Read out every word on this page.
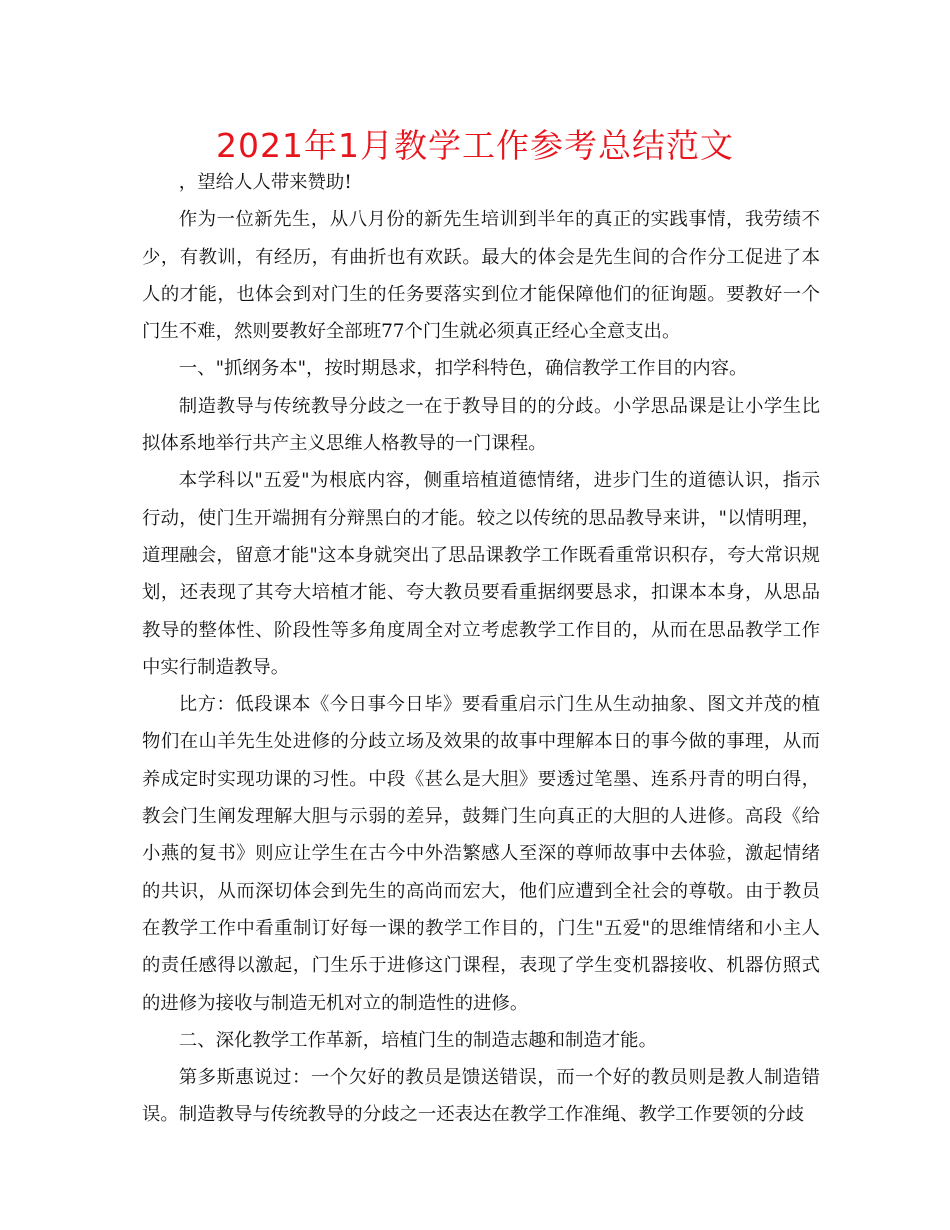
2021年1月教学工作参考总结范文

，望给人人带来赞助!

作为一位新先生，从八月份的新先生培训到半年的真正的实践事情，我劳绩不少，有教训，有经历，有曲折也有欢跃。最大的体会是先生间的合作分工促进了本人的才能，也体会到对门生的任务要落实到位才能保障他们的征询题。要教好一个门生不难，然则要教好全部班77个门生就必须真正经心全意支出。

一、"抓纲务本"，按时期恳求，扣学科特色，确信教学工作目的内容。

制造教导与传统教导分歧之一在于教导目的的分歧。小学思品课是让小学生比拟体系地举行共产主义思维人格教导的一门课程。

本学科以"五爱"为根底内容，侧重培植道德情绪，进步门生的道德认识，指示行动，使门生开端拥有分辩黑白的才能。较之以传统的思品教导来讲，"以情明理，道理融会，留意才能"这本身就突出了思品课教学工作既看重常识积存，夸大常识规划，还表现了其夸大培植才能、夸大教员要看重据纲要恳求，扣课本本身，从思品教导的整体性、阶段性等多角度周全对立考虑教学工作目的，从而在思品教学工作中实行制造教导。

比方：低段课本《今日事今日毕》要看重启示门生从生动抽象、图文并茂的植物们在山羊先生处进修的分歧立场及效果的故事中理解本日的事今做的事理，从而养成定时实现功课的习性。中段《甚么是大胆》要透过笔墨、连系丹青的明白得，教会门生阐发理解大胆与示弱的差异，鼓舞门生向真正的大胆的人进修。高段《给小燕的复书》则应让学生在古今中外浩繁感人至深的尊师故事中去体验，激起情绪的共识，从而深切体会到先生的高尚而宏大，他们应遭到全社会的尊敬。由于教员在教学工作中看重制订好每一课的教学工作目的，门生"五爱"的思维情绪和小主人的责任感得以激起，门生乐于进修这门课程，表现了学生变机器接收、机器仿照式的进修为接收与制造无机对立的制造性的进修。

二、深化教学工作革新，培植门生的制造志趣和制造才能。

第多斯惠说过：一个欠好的教员是馈送错误，而一个好的教员则是教人制造错误。制造教导与传统教导的分歧之一还表达在教学工作准绳、教学工作要领的分歧
